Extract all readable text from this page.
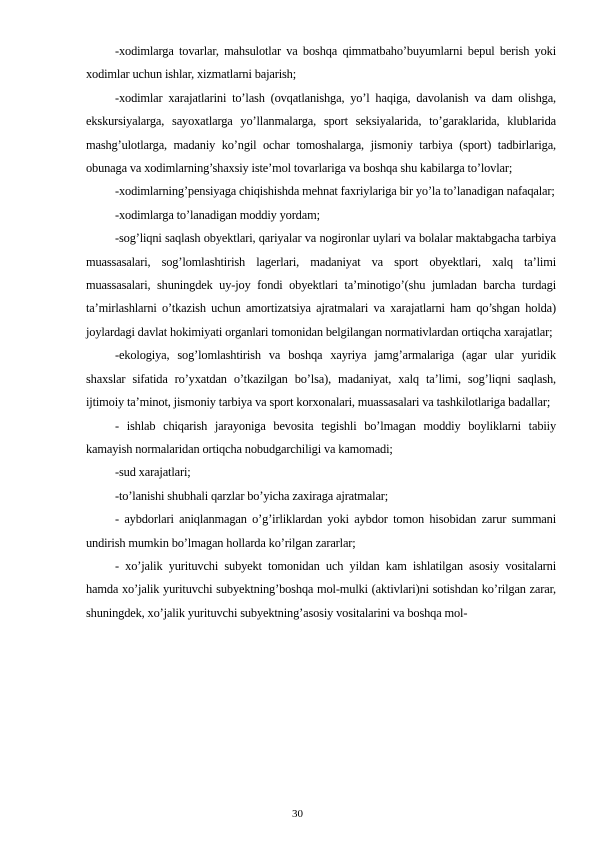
-xodimlarga tovarlar, mahsulotlar va boshqa qimmatbaho’buyumlarni bepul berish yoki xodimlar uchun ishlar, xizmatlarni bajarish;

-xodimlar xarajatlarini to’lash (ovqatlanishga, yo’l haqiga, davolanish va dam olishga, ekskursiyalarga, sayoxatlarga yo’llanmalarga, sport seksiyalarida, to’garaklarida, klublarida mashg’ulotlarga, madaniy ko’ngil ochar tomoshalarga, jismoniy tarbiya (sport) tadbirlariga, obunaga va xodimlarning’shaxsiy iste’mol tovarlariga va boshqa shu kabilarga to’lovlar;

-xodimlarning’pensiyaga chiqishishda mehnat faxriylariga bir yo’la to’lanadigan nafaqalar;

-xodimlarga to’lanadigan moddiy yordam;

-sog’liqni saqlash obyektlari, qariyalar va nogironlar uylari va bolalar maktabgacha tarbiya muassasalari, sog’lomlashtirish lagerlari, madaniyat va sport obyektlari, xalq ta’limi muassasalari, shuningdek uy-joy fondi obyektlari ta’minotigo’(shu jumladan barcha turdagi ta’mirlashlarni o’tkazish uchun amortizatsiya ajratmalari va xarajatlarni ham qo’shgan holda) joylardagi davlat hokimiyati organlari tomonidan belgilangan normativlardan ortiqcha xarajatlar;

-ekologiya, sog’lomlashtirish va boshqa xayriya jamg’armalariga (agar ular yuridik shaxslar sifatida ro’yxatdan o’tkazilgan bo’lsa), madaniyat, xalq ta’limi, sog’liqni saqlash, ijtimoiy ta’minot, jismoniy tarbiya va sport korxonalari, muassasalari va tashkilotlariga badallar;

- ishlab chiqarish jarayoniga bevosita tegishli bo’lmagan moddiy boyliklarni tabiiy kamayish normalaridan ortiqcha nobudgarchiligi va kamomadi;

-sud xarajatlari;

-to’lanishi shubhali qarzlar bo’yicha zaxiraga ajratmalar;

- aybdorlari aniqlanmagan o’g’irliklardan yoki aybdor tomon hisobidan zarur summani undirish mumkin bo’lmagan hollarda ko’rilgan zararlar;

- xo’jalik yurituvchi subyekt tomonidan uch yildan kam ishlatilgan asosiy vositalarni hamda xo’jalik yurituvchi subyektning’boshqa mol-mulki (aktivlari)ni sotishdan ko’rilgan zarar, shuningdek, xo’jalik yurituvchi subyektning’asosiy vositalarini va boshqa mol-

30
